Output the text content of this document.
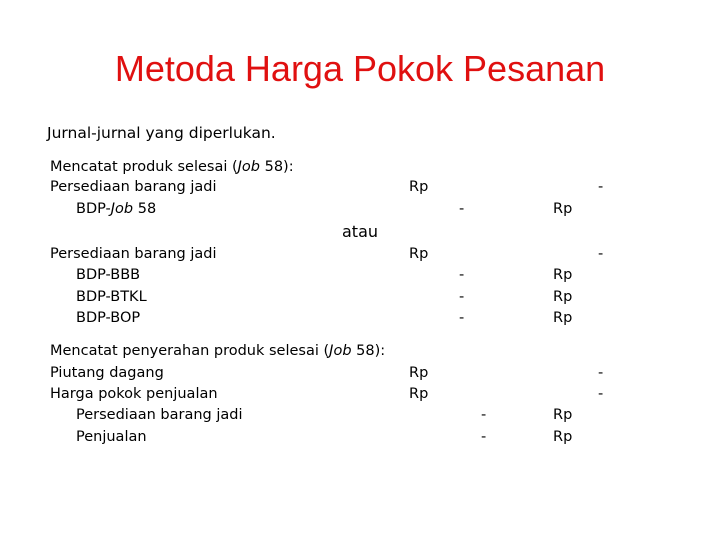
Metoda Harga Pokok Pesanan
Jurnal-jurnal yang diperlukan.
Mencatat produk selesai (Job 58):
Persediaan barang jadi	Rp	-
BDP-Job 58	-	Rp
atau
Persediaan barang jadi	Rp	-
BDP-BBB	-	Rp
BDP-BTKL	-	Rp
BDP-BOP	-	Rp
Mencatat penyerahan produk selesai (Job 58):
Piutang dagang	Rp	-
Harga pokok penjualan	Rp	-
Persediaan barang jadi	-	Rp
Penjualan	-	Rp
